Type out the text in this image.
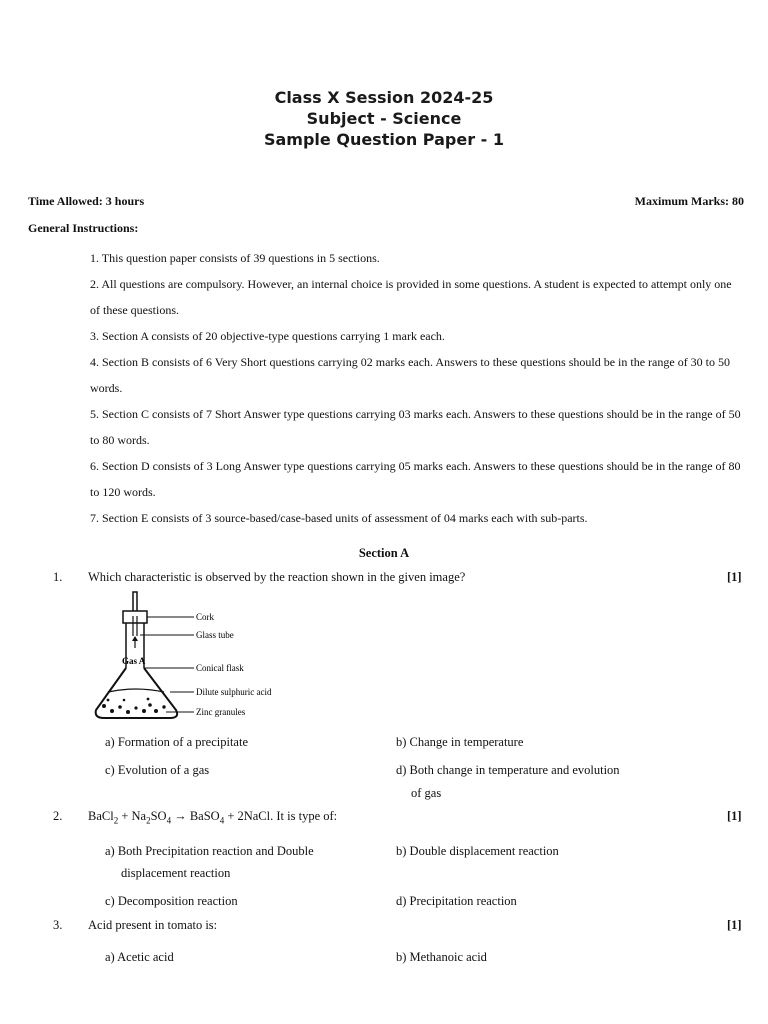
Class X Session 2024-25
Subject - Science
Sample Question Paper - 1
Time Allowed: 3 hours	Maximum Marks: 80
General Instructions:
1. This question paper consists of 39 questions in 5 sections.
2. All questions are compulsory. However, an internal choice is provided in some questions. A student is expected to attempt only one of these questions.
3. Section A consists of 20 objective-type questions carrying 1 mark each.
4. Section B consists of 6 Very Short questions carrying 02 marks each. Answers to these questions should be in the range of 30 to 50 words.
5. Section C consists of 7 Short Answer type questions carrying 03 marks each. Answers to these questions should be in the range of 50 to 80 words.
6. Section D consists of 3 Long Answer type questions carrying 05 marks each. Answers to these questions should be in the range of 80 to 120 words.
7. Section E consists of 3 source-based/case-based units of assessment of 04 marks each with sub-parts.
Section A
1. Which characteristic is observed by the reaction shown in the given image?	[1]
Cork
Glass tube
Gas A
Conical flask
Dilute sulphuric acid
Zinc granules
a) Formation of a precipitate	b) Change in temperature
c) Evolution of a gas	d) Both change in temperature and evolution
of gas
2. BaCl$_2$ + $Na_2SO_4$ → BaSO$_4$ + 2NaCl. It is type of:	[1]
a) Both Precipitation reaction and Double	b) Double displacement reaction
displacement reaction
c) Decomposition reaction	d) Precipitation reaction
3. Acid present in tomato is:	[1]
a) Acetic acid	b) Methanoic acid
